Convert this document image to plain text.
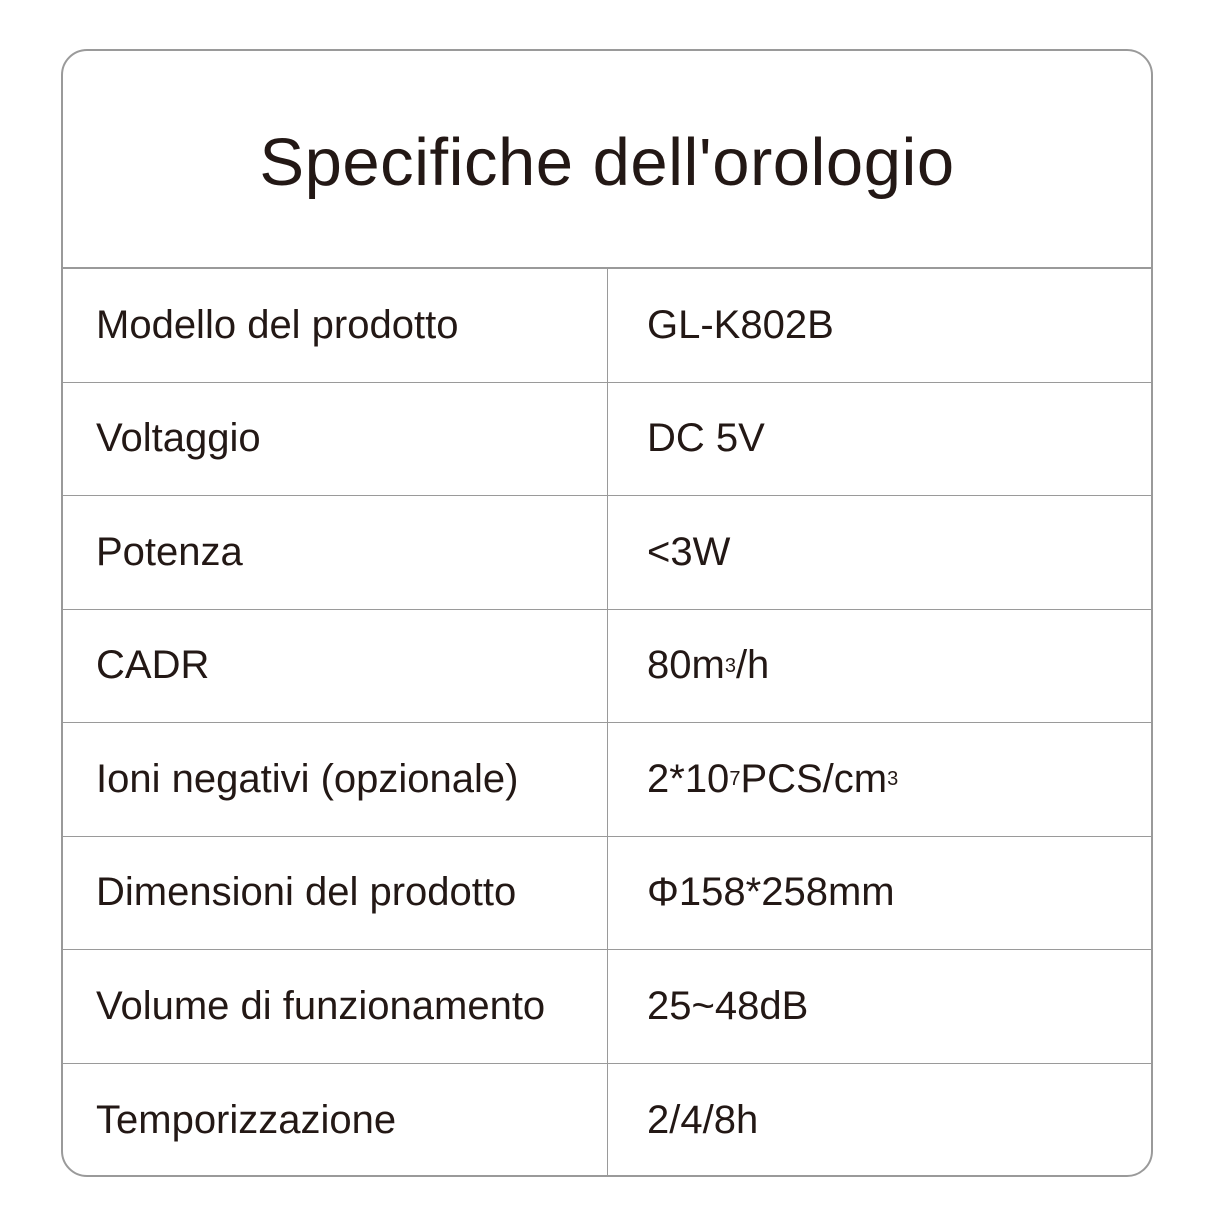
Specifiche dell'orologio
Modello del prodotto	GL-K802B
Voltaggio	DC 5V
Potenza	<3W
CADR	80m 3 /h
Ioni negativi (opzionale)	2*10 7 PCS/cm 3
Dimensioni del prodotto	Φ158*258mm
Volume di funzionamento	25~48dB
Temporizzazione	2/4/8h
